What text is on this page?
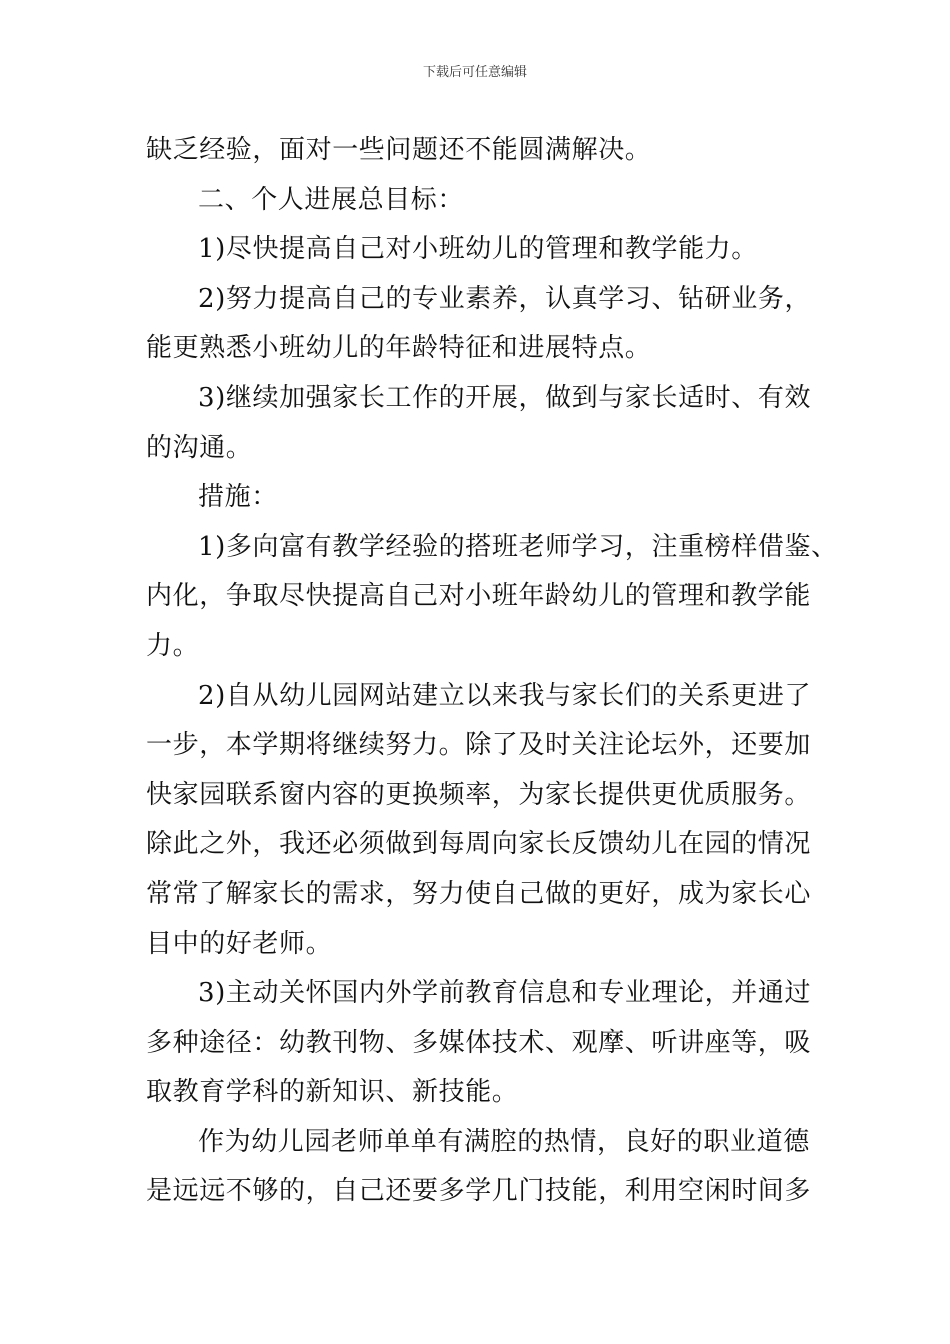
下载后可任意编辑
缺乏经验，面对一些问题还不能圆满解决。
二、个人进展总目标：
1)尽快提高自己对小班幼儿的管理和教学能力。
2)努力提高自己的专业素养，认真学习、钻研业务，
能更熟悉小班幼儿的年龄特征和进展特点。
3)继续加强家长工作的开展，做到与家长适时、有效
的沟通。
措施：
1)多向富有教学经验的搭班老师学习，注重榜样借鉴、
内化，争取尽快提高自己对小班年龄幼儿的管理和教学能
力。
2)自从幼儿园网站建立以来我与家长们的关系更进了
一步，本学期将继续努力。除了及时关注论坛外，还要加
快家园联系窗内容的更换频率，为家长提供更优质服务。
除此之外，我还必须做到每周向家长反馈幼儿在园的情况
常常了解家长的需求，努力使自己做的更好，成为家长心
目中的好老师。
3)主动关怀国内外学前教育信息和专业理论，并通过
多种途径：幼教刊物、多媒体技术、观摩、听讲座等，吸
取教育学科的新知识、新技能。
作为幼儿园老师单单有满腔的热情，良好的职业道德
是远远不够的，自己还要多学几门技能，利用空闲时间多
